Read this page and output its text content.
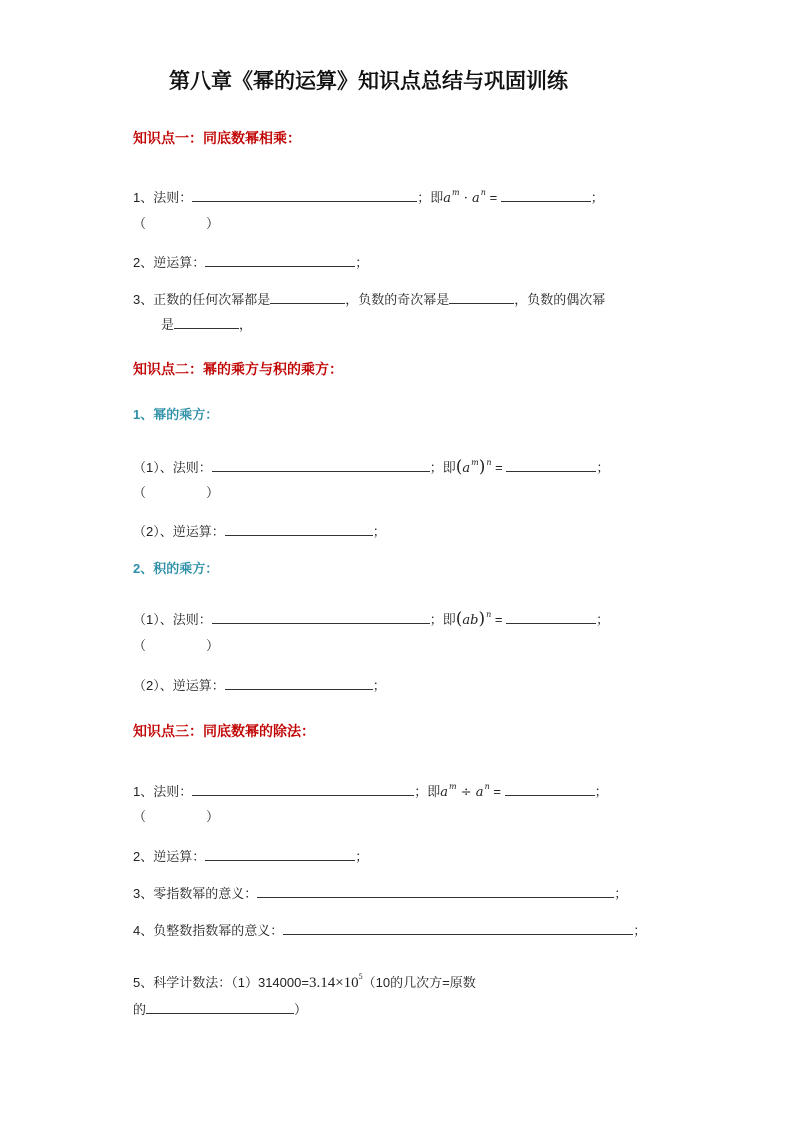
第八章《幂的运算》知识点总结与巩固训练
知识点一：同底数幂相乘：
1、法则：	；即$a^m \cdot a^n$ =	；
（	）
2、逆运算：	；
3、正数的任何次幂都是	，负数的奇次幂是	，负数的偶次幂
是	，
知识点二：幂的乘方与积的乘方：
1、幂的乘方：
（1）、法则：	；即$(a^m)^n$ =	；
（	）
（2）、逆运算：	；
2、积的乘方：
（1）、法则：	；即(ab)$^n$ =	；
（	）
（2）、逆运算：	；
知识点三：同底数幂的除法：
1、法则：	；即$a^m \div a^n$ =	；
（	）
2、逆运算：	；
3、零指数幂的意义：	；
4、负整数指数幂的意义：	；
5、科学计数法：$(1)314000=3.14\times 10^5(10$的几次方=原数
的	）
